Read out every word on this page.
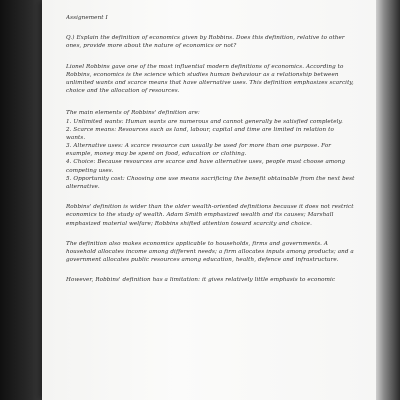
Assignement I
Q.) Explain the definition of economics given by Robbins. Does this definition, relative to other
ones, provide more about the nature of economics or not?
Lionel Robbins gave one of the most influential modern definitions of economics. According to
Robbins, economics is the science which studies human behaviour as a relationship between
unlimited wants and scarce means that have alternative uses. This definition emphasizes scarcity,
choice and the allocation of resources.
The main elements of Robbins' definition are:
1. Unlimited wants: Human wants are numerous and cannot generally be satisfied completely.
2. Scarce means: Resources such as land, labour, capital and time are limited in relation to
wants.
3. Alternative uses: A scarce resource can usually be used for more than one purpose. For
example, money may be spent on food, education or clothing.
4. Choice: Because resources are scarce and have alternative uses, people must choose among
competing uses.
5. Opportunity cost: Choosing one use means sacrificing the benefit obtainable from the next best
alternative.
Robbins' definition is wider than the older wealth-oriented definitions because it does not restrict
economics to the study of wealth. Adam Smith emphasized wealth and its causes; Marshall
emphasized material welfare; Robbins shifted attention toward scarcity and choice.
The definition also makes economics applicable to households, firms and governments. A
household allocates income among different needs; a firm allocates inputs among products; and a
government allocates public resources among education, health, defence and infrastructure.
However, Robbins' definition has a limitation: it gives relatively little emphasis to economic
